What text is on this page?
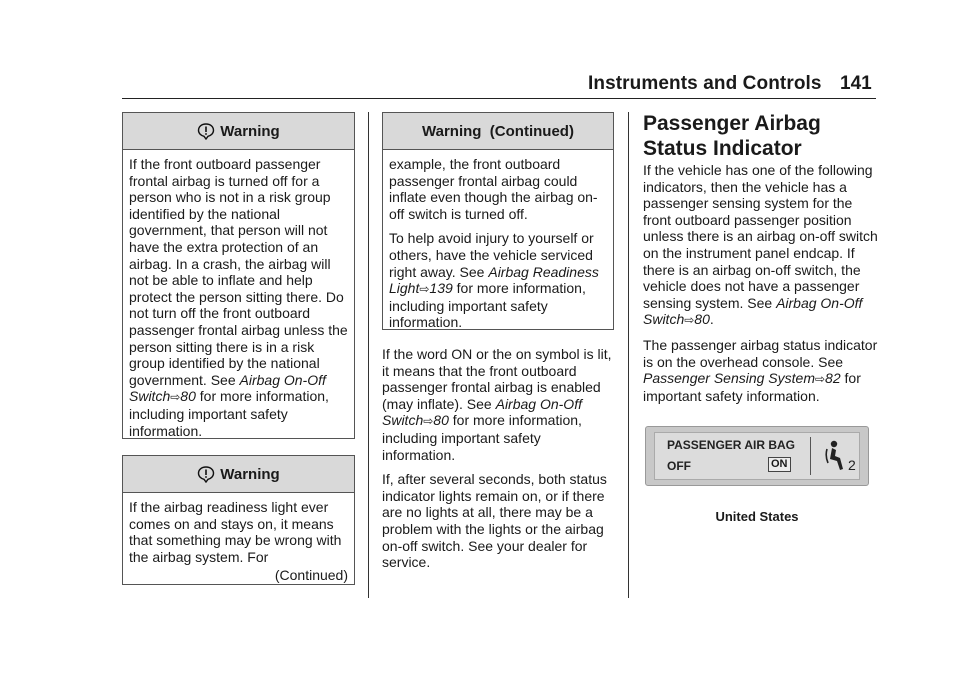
Instruments and Controls 141
Warning

If the front outboard passenger frontal airbag is turned off for a person who is not in a risk group identified by the national government, that person will not have the extra protection of an airbag. In a crash, the airbag will not be able to inflate and help protect the person sitting there. Do not turn off the front outboard passenger frontal airbag unless the person sitting there is in a risk group identified by the national government. See Airbag On-Off Switch⇨80 for more information, including important safety information.

Warning

If the airbag readiness light ever comes on and stays on, it means that something may be wrong with the airbag system. For

(Continued)
Warning  (Continued)

example, the front outboard passenger frontal airbag could inflate even though the airbag on-off switch is turned off.

To help avoid injury to yourself or others, have the vehicle serviced right away. See Airbag Readiness Light⇨139 for more information, including important safety information.

If the word ON or the on symbol is lit, it means that the front outboard passenger frontal airbag is enabled (may inflate). See Airbag On-Off Switch⇨80 for more information, including important safety information.

If, after several seconds, both status indicator lights remain on, or if there are no lights at all, there may be a problem with the lights or the airbag on-off switch. See your dealer for service.

Passenger Airbag Status Indicator

If the vehicle has one of the following indicators, then the vehicle has a passenger sensing system for the front outboard passenger position unless there is an airbag on-off switch on the instrument panel endcap. If there is an airbag on-off switch, the vehicle does not have a passenger sensing system. See Airbag On-Off Switch⇨80.

The passenger airbag status indicator is on the overhead console. See Passenger Sensing System⇨82 for important safety information.

PASSENGER AIR BAG
OFF	ON	2
United States
